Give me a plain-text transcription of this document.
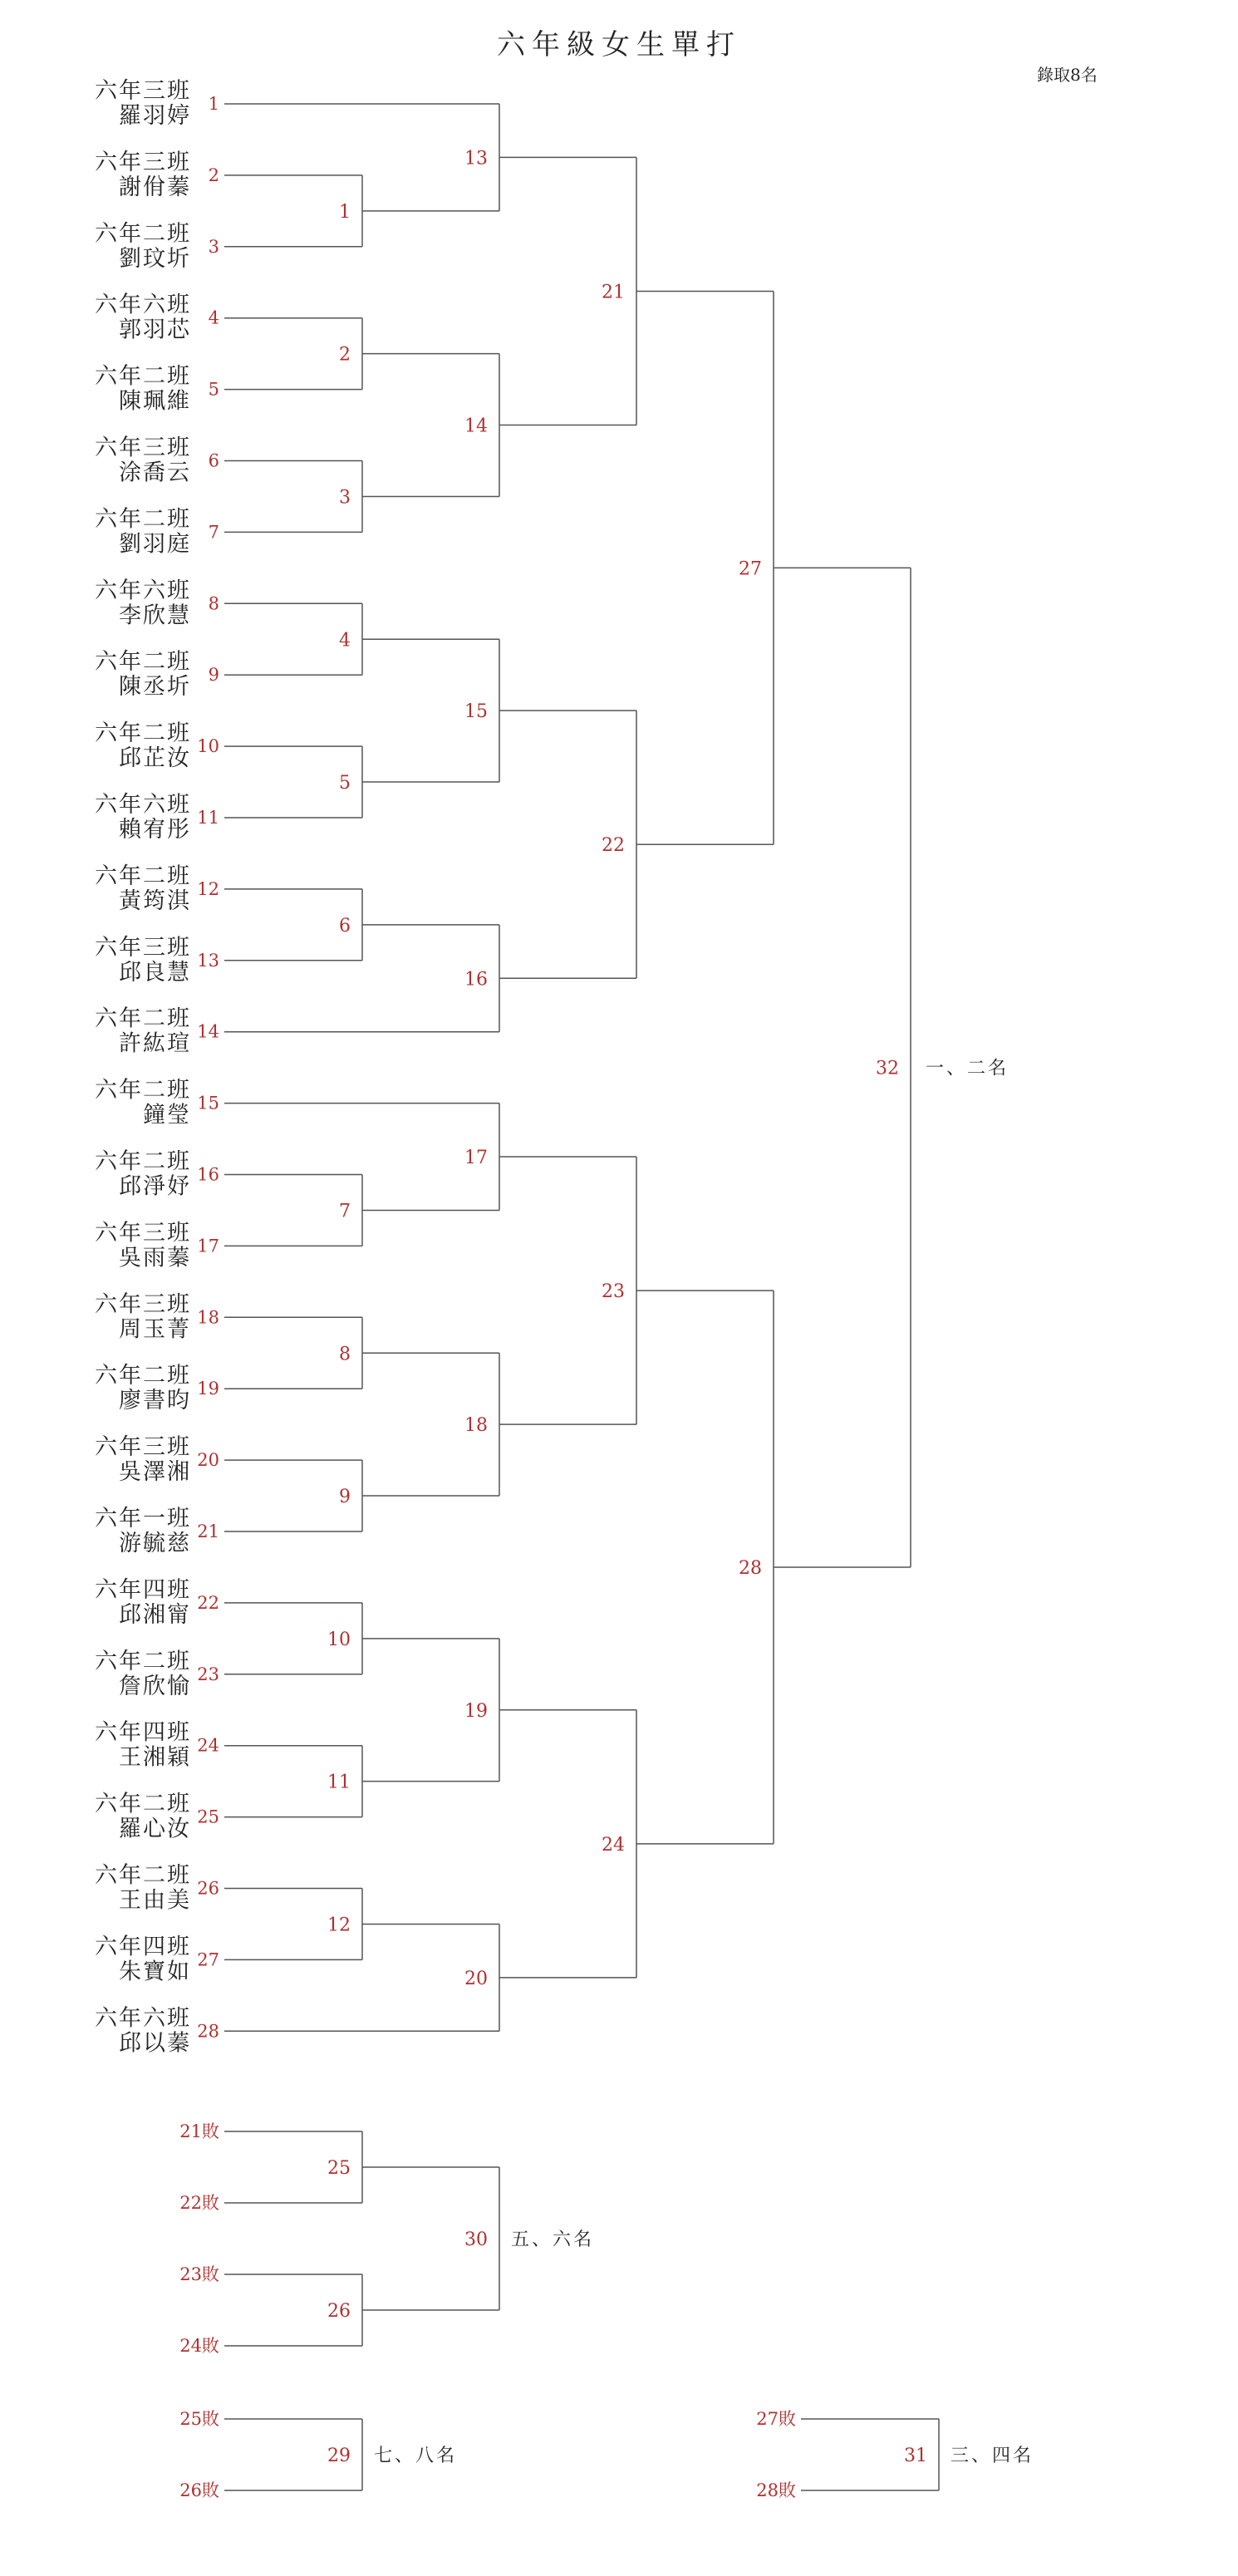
六年級女生單打
錄取8名
六年三班
羅羽婷 1
六年三班
謝佾蓁 2
六年二班
劉玟圻 3
六年六班
郭羽芯 4
六年二班
陳珮維 5
六年三班
涂喬云 6
六年二班
劉羽庭 7
六年六班
李欣慧 8
六年二班
陳丞圻 9
六年二班
邱芷汝 10
六年六班
賴宥彤 11
六年二班
黃筠淇 12
六年三班
邱良慧 13
六年二班
許紘瑄 14
六年二班
鐘瑩 15
六年二班
邱淨妤 16
六年三班
吳雨蓁 17
六年三班
周玉菁 18
六年二班
廖書昀 19
六年三班
吳澤湘 20
六年一班
游毓慈 21
六年四班
邱湘甯 22
六年二班
詹欣愉 23
六年四班
王湘穎 24
六年二班
羅心汝 25
六年二班
王由美 26
六年四班
朱寶如 27
六年六班
邱以蓁 28
1
2
3
4
5
6
7
8
9
10
11
12
13
14
15
16
17
18
19
20
21
22
23
24
27
28
32 一、二名
21敗
22敗
23敗
24敗
25
26
30 五、六名
25敗
26敗
29 七、八名
27敗
28敗
31 三、四名
